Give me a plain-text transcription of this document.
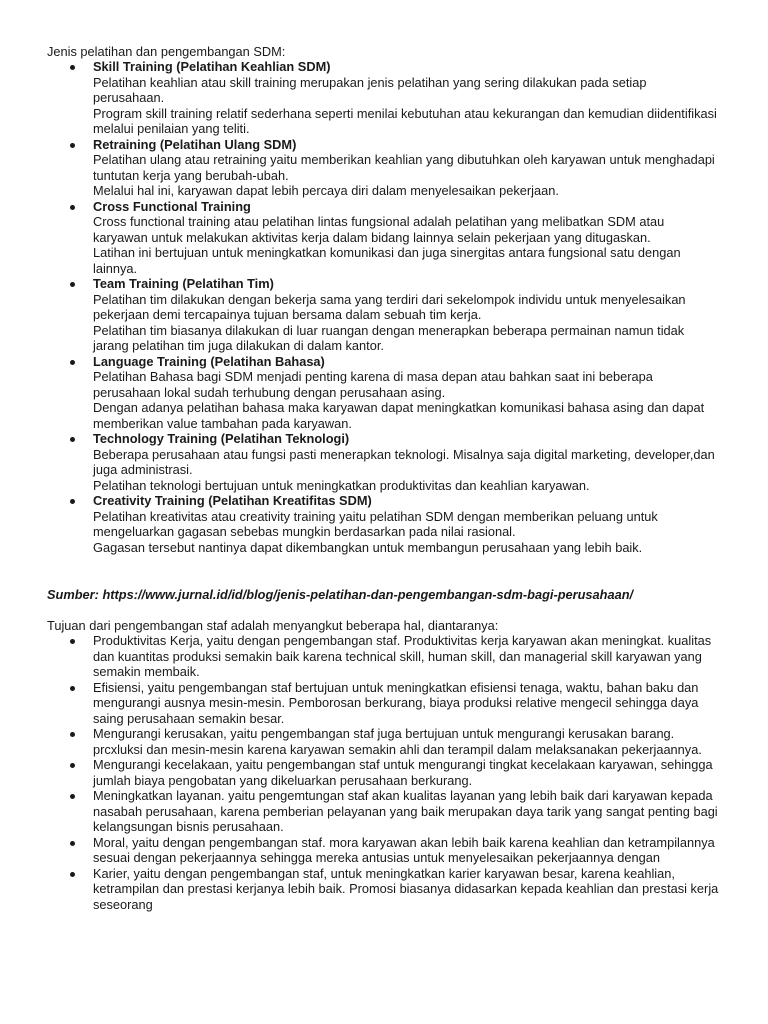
Jenis pelatihan dan pengembangan SDM:
Skill Training (Pelatihan Keahlian SDM)
Pelatihan keahlian atau skill training merupakan jenis pelatihan yang sering dilakukan pada setiap perusahaan.
Program skill training relatif sederhana seperti menilai kebutuhan atau kekurangan dan kemudian diidentifikasi melalui penilaian yang teliti.
Retraining (Pelatihan Ulang SDM)
Pelatihan ulang atau retraining yaitu memberikan keahlian yang dibutuhkan oleh karyawan untuk menghadapi tuntutan kerja yang berubah-ubah.
Melalui hal ini, karyawan dapat lebih percaya diri dalam menyelesaikan pekerjaan.
Cross Functional Training
Cross functional training atau pelatihan lintas fungsional adalah pelatihan yang melibatkan SDM atau karyawan untuk melakukan aktivitas kerja dalam bidang lainnya selain pekerjaan yang ditugaskan.
Latihan ini bertujuan untuk meningkatkan komunikasi dan juga sinergitas antara fungsional satu dengan lainnya.
Team Training (Pelatihan Tim)
Pelatihan tim dilakukan dengan bekerja sama yang terdiri dari sekelompok individu untuk menyelesaikan pekerjaan demi tercapainya tujuan bersama dalam sebuah tim kerja.
Pelatihan tim biasanya dilakukan di luar ruangan dengan menerapkan beberapa permainan namun tidak jarang pelatihan tim juga dilakukan di dalam kantor.
Language Training (Pelatihan Bahasa)
Pelatihan Bahasa bagi SDM menjadi penting karena di masa depan atau bahkan saat ini beberapa perusahaan lokal sudah terhubung dengan perusahaan asing.
Dengan adanya pelatihan bahasa maka karyawan dapat meningkatkan komunikasi bahasa asing dan dapat memberikan value tambahan pada karyawan.
Technology Training (Pelatihan Teknologi)
Beberapa perusahaan atau fungsi pasti menerapkan teknologi. Misalnya saja digital marketing, developer,dan juga administrasi.
Pelatihan teknologi bertujuan untuk meningkatkan produktivitas dan keahlian karyawan.
Creativity Training (Pelatihan Kreatifitas SDM)
Pelatihan kreativitas atau creativity training yaitu pelatihan SDM dengan memberikan peluang untuk mengeluarkan gagasan sebebas mungkin berdasarkan pada nilai rasional.
Gagasan tersebut nantinya dapat dikembangkan untuk membangun perusahaan yang lebih baik.
Sumber: https://www.jurnal.id/id/blog/jenis-pelatihan-dan-pengembangan-sdm-bagi-perusahaan/
Tujuan dari pengembangan staf adalah menyangkut beberapa hal, diantaranya:
Produktivitas Kerja, yaitu dengan pengembangan staf. Produktivitas kerja karyawan akan meningkat. kualitas dan kuantitas produksi semakin baik karena technical skill, human skill, dan managerial skill karyawan yang semakin membaik.
Efisiensi, yaitu pengembangan staf bertujuan untuk meningkatkan efisiensi tenaga, waktu, bahan baku dan mengurangi ausnya mesin-mesin. Pemborosan berkurang, biaya produksi relative mengecil sehingga daya saing perusahaan semakin besar.
Mengurangi kerusakan, yaitu pengembangan staf juga bertujuan untuk mengurangi kerusakan barang. prcxluksi dan mesin-mesin karena karyawan semakin ahli dan terampil dalam melaksanakan pekerjaannya.
Mengurangi kecelakaan, yaitu pengembangan staf untuk mengurangi tingkat kecelakaan karyawan, sehingga jumlah biaya pengobatan yang dikeluarkan perusahaan berkurang.
Meningkatkan layanan. yaitu pengemtungan staf akan kualitas layanan yang lebih baik dari karyawan kepada nasabah perusahaan, karena pemberian pelayanan yang baik merupakan daya tarik yang sangat penting bagi kelangsungan bisnis perusahaan.
Moral, yaitu dengan pengembangan staf. mora karyawan akan lebih baik karena keahlian dan ketrampilannya sesuai dengan pekerjaannya sehingga mereka antusias untuk menyelesaikan pekerjaannya dengan
Karier, yaitu dengan pengembangan staf, untuk meningkatkan karier karyawan besar, karena keahlian, ketrampilan dan prestasi kerjanya lebih baik. Promosi biasanya didasarkan kepada keahlian dan prestasi kerja seseorang
